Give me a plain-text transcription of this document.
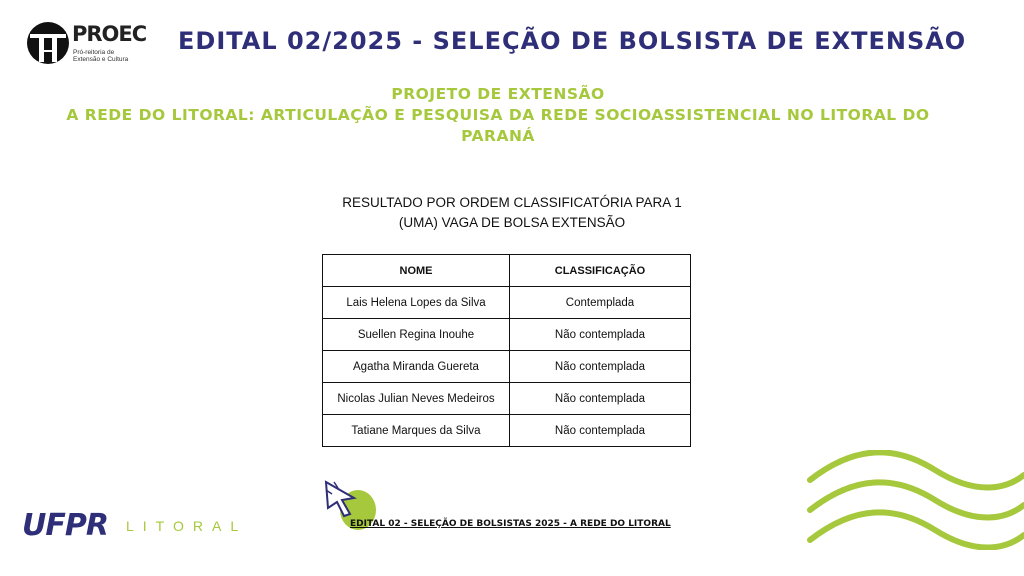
PROEC
Pró-reitoria de Extensão e Cultura
EDITAL 02/2025 - SELEÇÃO DE BOLSISTA DE EXTENSÃO
PROJETO DE EXTENSÃO
A REDE DO LITORAL: ARTICULAÇÃO E PESQUISA DA REDE SOCIOASSISTENCIAL NO LITORAL DO PARANÁ
RESULTADO POR ORDEM CLASSIFICATÓRIA PARA 1
(UMA) VAGA DE BOLSA EXTENSÃO
NOME	CLASSIFICAÇÃO
Lais Helena Lopes da Silva	Contemplada
Suellen Regina Inouhe	Não contemplada
Agatha Miranda Guereta	Não contemplada
Nicolas Julian Neves Medeiros	Não contemplada
Tatiane Marques da Silva	Não contemplada
UFPR LITORAL	EDITAL 02 - SELEÇÃO DE BOLSISTAS 2025 - A REDE DO LITORAL
